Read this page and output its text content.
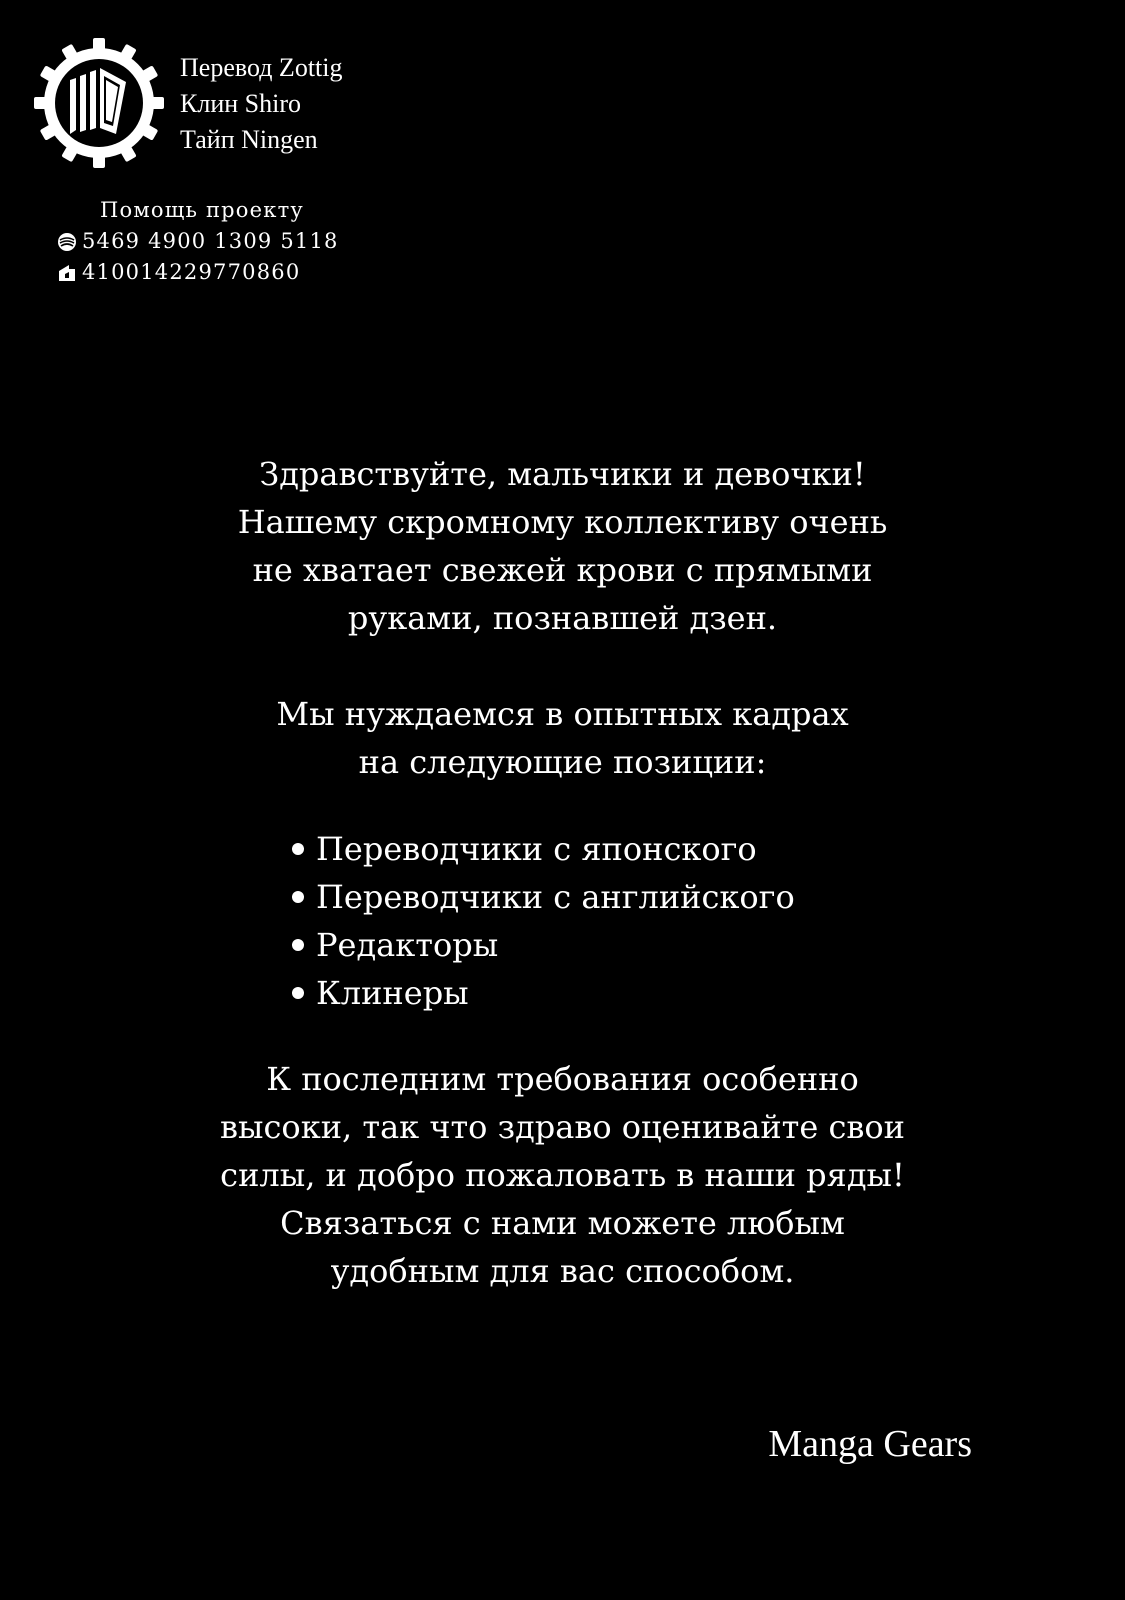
Перевод Zottig
Клин Shiro
Тайп Ningen
Помощь проекту
5469 4900 1309 5118
410014229770860
Здравствуйте, мальчики и девочки!
Нашему скромному коллективу очень
не хватает свежей крови с прямыми
руками, познавшей дзен.
Мы нуждаемся в опытных кадрах
на следующие позиции:
Переводчики с японского
Переводчики с английского
Редакторы
Клинеры
К последним требования особенно
высоки, так что здраво оценивайте свои
силы, и добро пожаловать в наши ряды!
Связаться с нами можете любым
удобным для вас способом.
Manga Gears
